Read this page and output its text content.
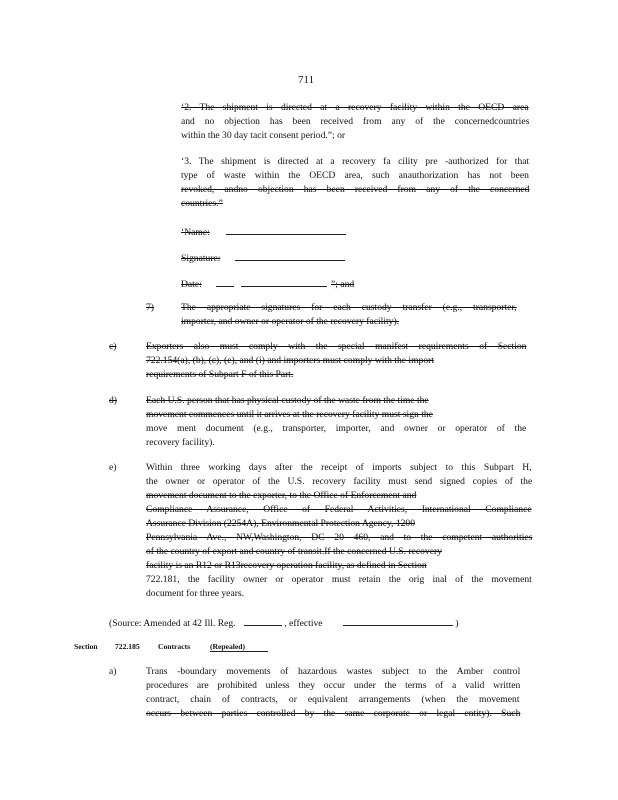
711
‘2. The shipment is directed at a recovery facility within the OECD area
and no objection has been received from any of the concernedcountries
within the 30 day tacit consent period.”; or
‘3. The shipment is directed at a recovery fa cility pre -authorized for that
type of waste within the OECD area, such anauthorization has not been
revoked, andno objection has been received from any of the concerned
countries.”
‘Name:
Signature:
Date:	”; and
7)	The appropriate signatures for each custody transfer (e.g., transporter,
importer, and owner or operator of the recovery facility).
c)	Exporters also must comply with the special manifest requirements of Section
722.154(a), (b), (c), (e), and (i) and importers must comply with the import
requirements of Subpart F of this Part.
d)	Each U.S. person that has physical custody of the waste from the time the
movement commences until it arrives at the recovery facility must sign the
move ment document (e.g., transporter, importer, and owner or operator of the
recovery facility).
e)	Within three working days after the receipt of imports subject to this Subpart H,
the owner or operator of the U.S. recovery facility must send signed copies of the
movement document to the exporter, to the Office of Enforcement and
Compliance Assurance, Office of Federal Activities, International Compliance
Assurance Division (2254A), Environmental Protection Agency, 1200
Pennsylvania Ave., NW,Washington, DC 20 460, and to the competent authorities
of the country of export and country of transit.If the concerned U.S. recovery
facility is an R12 or R13recovery operation facility, as defined in Section
722.181, the facility owner or operator must retain the orig inal of the movement
document for three years.
(Source: Amended at 42 Ill. Reg.	, effective	)
Section 722.185 Contracts	(Repealed)
a)	Trans -boundary movements of hazardous wastes subject to the Amber control
procedures are prohibited unless they occur under the terms of a valid written
contract, chain of contracts, or equivalent arrangements (when the movement
occurs between parties controlled by the same corporate or legal entity). Such
